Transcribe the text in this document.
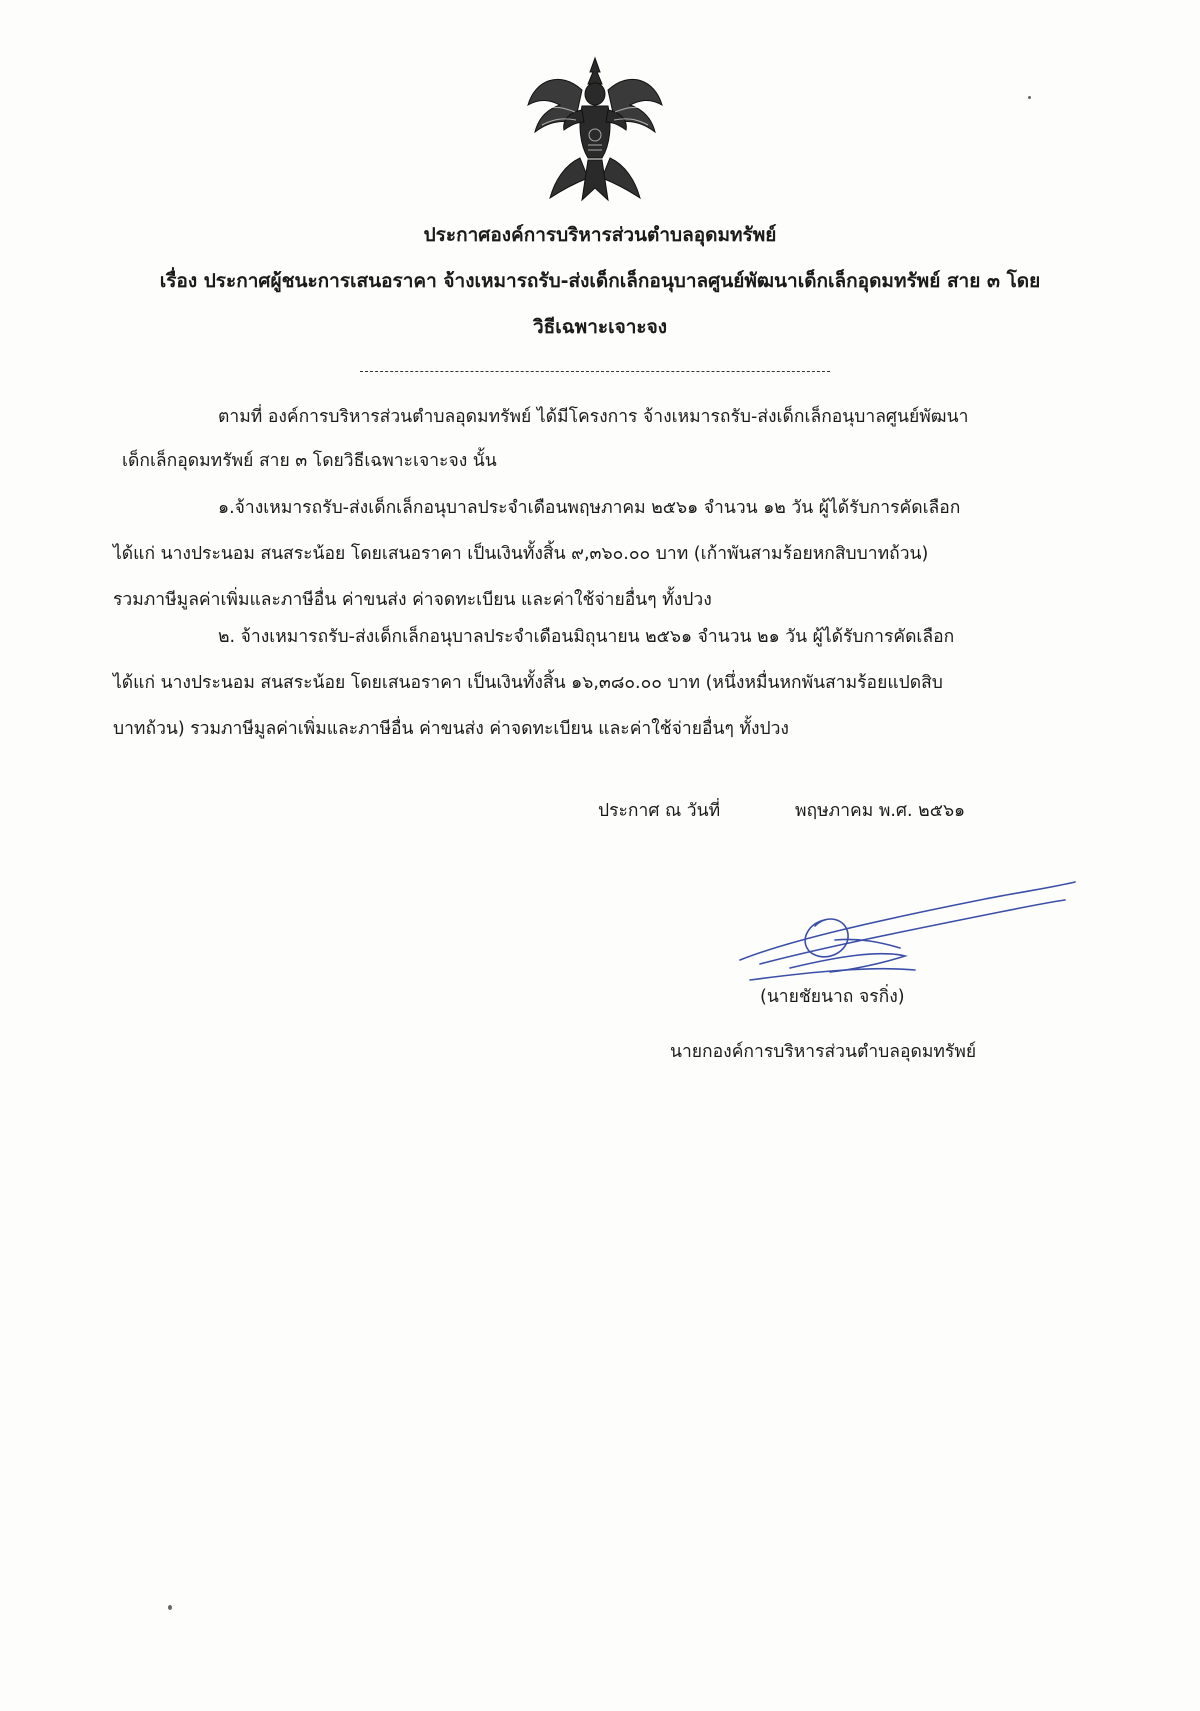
ประกาศองค์การบริหารส่วนตำบลอุดมทรัพย์
เรื่อง ประกาศผู้ชนะการเสนอราคา จ้างเหมารถรับ-ส่งเด็กเล็กอนุบาลศูนย์พัฒนาเด็กเล็กอุดมทรัพย์ สาย ๓ โดย
วิธีเฉพาะเจาะจง
ตามที่ องค์การบริหารส่วนตำบลอุดมทรัพย์ ได้มีโครงการ จ้างเหมารถรับ-ส่งเด็กเล็กอนุบาลศูนย์พัฒนา
เด็กเล็กอุดมทรัพย์ สาย ๓ โดยวิธีเฉพาะเจาะจง นั้น
๑.จ้างเหมารถรับ-ส่งเด็กเล็กอนุบาลประจำเดือนพฤษภาคม ๒๕๖๑ จำนวน ๑๒ วัน ผู้ได้รับการคัดเลือก
ได้แก่ นางประนอม สนสระน้อย โดยเสนอราคา เป็นเงินทั้งสิ้น ๙,๓๖๐.๐๐ บาท (เก้าพันสามร้อยหกสิบบาทถ้วน)
รวมภาษีมูลค่าเพิ่มและภาษีอื่น ค่าขนส่ง ค่าจดทะเบียน และค่าใช้จ่ายอื่นๆ ทั้งปวง
๒. จ้างเหมารถรับ-ส่งเด็กเล็กอนุบาลประจำเดือนมิถุนายน ๒๕๖๑ จำนวน ๒๑ วัน ผู้ได้รับการคัดเลือก
ได้แก่ นางประนอม สนสระน้อย โดยเสนอราคา เป็นเงินทั้งสิ้น ๑๖,๓๘๐.๐๐ บาท (หนึ่งหมื่นหกพันสามร้อยแปดสิบ
บาทถ้วน) รวมภาษีมูลค่าเพิ่มและภาษีอื่น ค่าขนส่ง ค่าจดทะเบียน และค่าใช้จ่ายอื่นๆ ทั้งปวง
ประกาศ ณ วันที่	พฤษภาคม พ.ศ. ๒๕๖๑
(นายชัยนาถ จรกิ่ง)
นายกองค์การบริหารส่วนตำบลอุดมทรัพย์
